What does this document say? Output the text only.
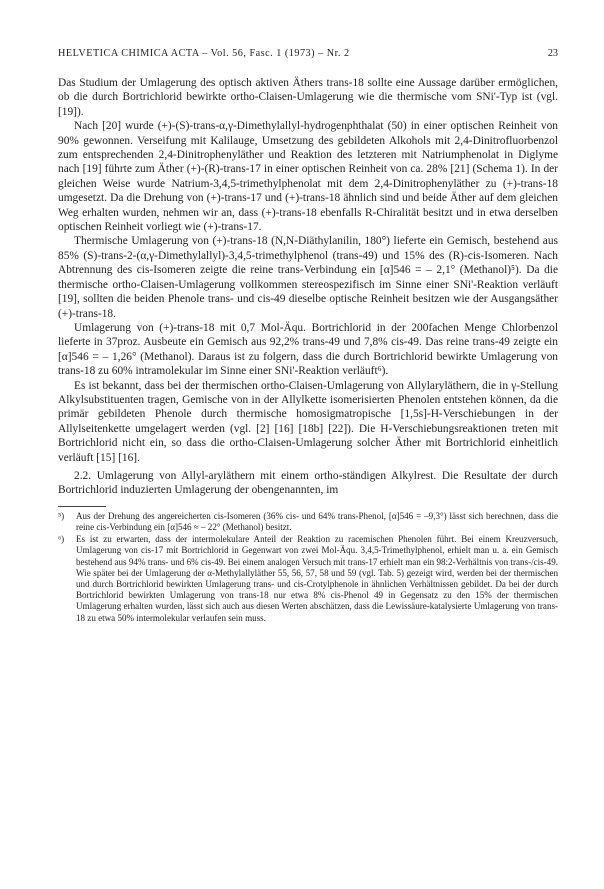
HELVETICA CHIMICA ACTA – Vol. 56, Fasc. 1 (1973) – Nr. 2	23

Das Studium der Umlagerung des optisch aktiven Äthers trans-18 sollte eine Aussage darüber ermöglichen, ob die durch Bortrichlorid bewirkte ortho-Claisen-Umlagerung wie die thermische vom SNi'-Typ ist (vgl. [19]).

Nach [20] wurde (+)-(S)-trans-α,γ-Dimethylallyl-hydrogenphthalat (50) in einer optischen Reinheit von 90% gewonnen. Verseifung mit Kalilauge, Umsetzung des gebildeten Alkohols mit 2,4-Dinitrofluorbenzol zum entsprechenden 2,4-Dinitrophenyläther und Reaktion des letzteren mit Natriumphenolat in Diglyme nach [19] führte zum Äther (+)-(R)-trans-17 in einer optischen Reinheit von ca. 28% [21] (Schema 1). In der gleichen Weise wurde Natrium-3,4,5-trimethylphenolat mit dem 2,4-Dinitrophenyläther zu (+)-trans-18 umgesetzt. Da die Drehung von (+)-trans-17 und (+)-trans-18 ähnlich sind und beide Äther auf dem gleichen Weg erhalten wurden, nehmen wir an, dass (+)-trans-18 ebenfalls R-Chiralität besitzt und in etwa derselben optischen Reinheit vorliegt wie (+)-trans-17.

Thermische Umlagerung von (+)-trans-18 (N,N-Diäthylanilin, 180°) lieferte ein Gemisch, bestehend aus 85% (S)-trans-2-(α,γ-Dimethylallyl)-3,4,5-trimethylphenol (trans-49) und 15% des (R)-cis-Isomeren. Nach Abtrennung des cis-Isomeren zeigte die reine trans-Verbindung ein [α]546 = – 2,1° (Methanol)⁵). Da die thermische ortho-Claisen-Umlagerung vollkommen stereospezifisch im Sinne einer SNi'-Reaktion verläuft [19], sollten die beiden Phenole trans- und cis-49 dieselbe optische Reinheit besitzen wie der Ausgangsäther (+)-trans-18.

Umlagerung von (+)-trans-18 mit 0,7 Mol-Äqu. Bortrichlorid in der 200fachen Menge Chlorbenzol lieferte in 37proz. Ausbeute ein Gemisch aus 92,2% trans-49 und 7,8% cis-49. Das reine trans-49 zeigte ein [α]546 = – 1,26° (Methanol). Daraus ist zu folgern, dass die durch Bortrichlorid bewirkte Umlagerung von trans-18 zu 60% intramolekular im Sinne einer SNi'-Reaktion verläuft⁶).

Es ist bekannt, dass bei der thermischen ortho-Claisen-Umlagerung von Allylaryläthern, die in γ-Stellung Alkylsubstituenten tragen, Gemische von in der Allylkette isomerisierten Phenolen entstehen können, da die primär gebildeten Phenole durch thermische homosigmatropische [1,5s]-H-Verschiebungen in der Allylseitenkette umgelagert werden (vgl. [2] [16] [18b] [22]). Die H-Verschiebungsreaktionen treten mit Bortrichlorid nicht ein, so dass die ortho-Claisen-Umlagerung solcher Äther mit Bortrichlorid einheitlich verläuft [15] [16].

2.2. Umlagerung von Allyl-aryläthern mit einem ortho-ständigen Alkylrest. Die Resultate der durch Bortrichlorid induzierten Umlagerung der obengenannten, im

⁵)	Aus der Drehung des angereicherten cis-Isomeren (36% cis- und 64% trans-Phenol, [α]546 = –9,3°) lässt sich berechnen, dass die reine cis-Verbindung ein [α]546 ≈ – 22° (Methanol) besitzt.
⁶)	Es ist zu erwarten, dass der intermolekulare Anteil der Reaktion zu racemischen Phenolen führt. Bei einem Kreuzversuch, Umlagerung von cis-17 mit Bortrichlorid in Gegenwart von zwei Mol-Äqu. 3,4,5-Trimethylphenol, erhielt man u. a. ein Gemisch bestehend aus 94% trans- und 6% cis-49. Bei einem analogen Versuch mit trans-17 erhielt man ein 98:2-Verhältnis von trans-/cis-49. Wie später bei der Umlagerung der α-Methylallyläther 55, 56, 57, 58 und 59 (vgl. Tab. 5) gezeigt wird, werden bei der thermischen und durch Bortrichlorid bewirkten Umlagerung trans- und cis-Crotylphenole in ähnlichen Verhältnissen gebildet. Da bei der durch Bortrichlorid bewirkten Umlagerung von trans-18 nur etwa 8% cis-Phenol 49 in Gegensatz zu den 15% der thermischen Umlagerung erhalten wurden, lässt sich auch aus diesen Werten abschätzen, dass die Lewissäure-katalysierte Umlagerung von trans-18 zu etwa 50% intermolekular verlaufen sein muss.
